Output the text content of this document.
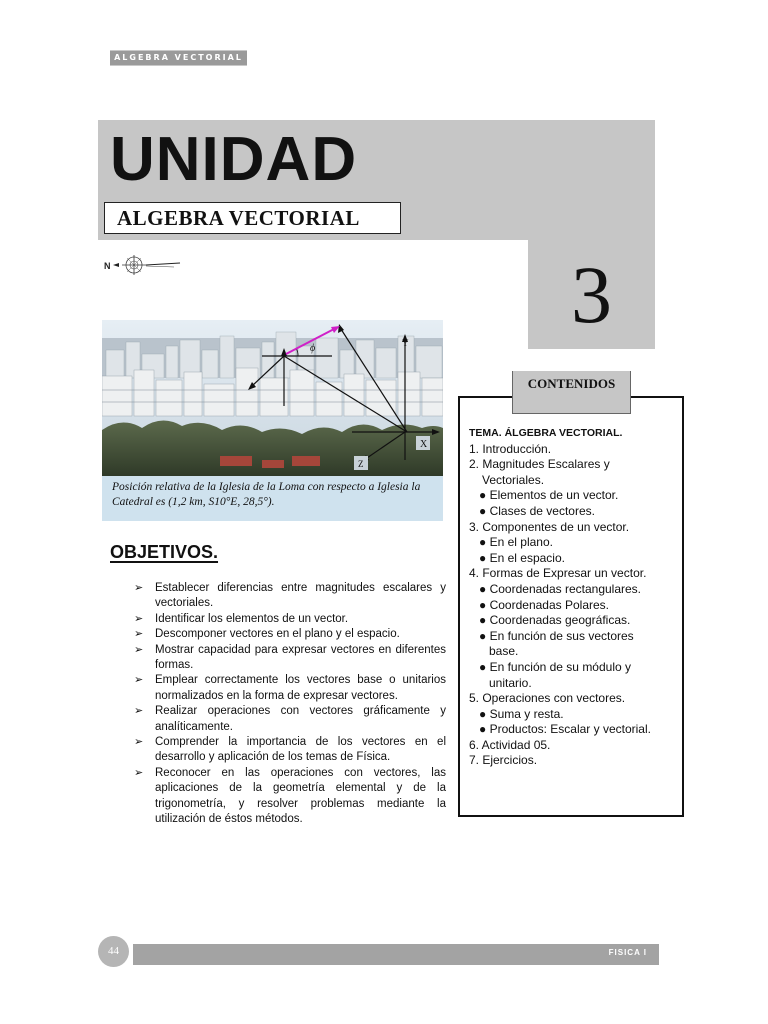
ALGEBRA VECTORIAL
UNIDAD
ALGEBRA VECTORIAL
3
N
ϕ	Y
X
Z

Posición relativa de la Iglesia de la Loma con respecto a Iglesia la Catedral es (1,2 km, S10°E, 28,5°).

OBJETIVOS.
➢ Establecer diferencias entre magnitudes escalares y vectoriales.
➢ Identificar los elementos de un vector.
➢ Descomponer vectores en el plano y el espacio.
➢ Mostrar capacidad para expresar vectores en diferentes formas.
➢ Emplear correctamente los vectores base o unitarios normalizados en la forma de expresar vectores.
➢ Realizar operaciones con vectores gráficamente y analíticamente.
➢ Comprender la importancia de los vectores en el desarrollo y aplicación de los temas de Física.
➢ Reconocer en las operaciones con vectores, las aplicaciones de la geometría elemental y de la trigonometría, y resolver problemas mediante la utilización de éstos métodos.
CONTENIDOS
TEMA. ÁLGEBRA VECTORIAL.
1. Introducción.
2. Magnitudes Escalares y
Vectoriales.
● Elementos de un vector.
● Clases de vectores.
3. Componentes de un vector.
● En el plano.
● En el espacio.
4. Formas de Expresar un vector.
● Coordenadas rectangulares.
● Coordenadas Polares.
● Coordenadas geográficas.
● En función de sus vectores
base.
● En función de su módulo y
unitario.
5. Operaciones con vectores.
● Suma y resta.
● Productos: Escalar y vectorial.
6. Actividad 05.
7. Ejercicios.
FISICA I
44
